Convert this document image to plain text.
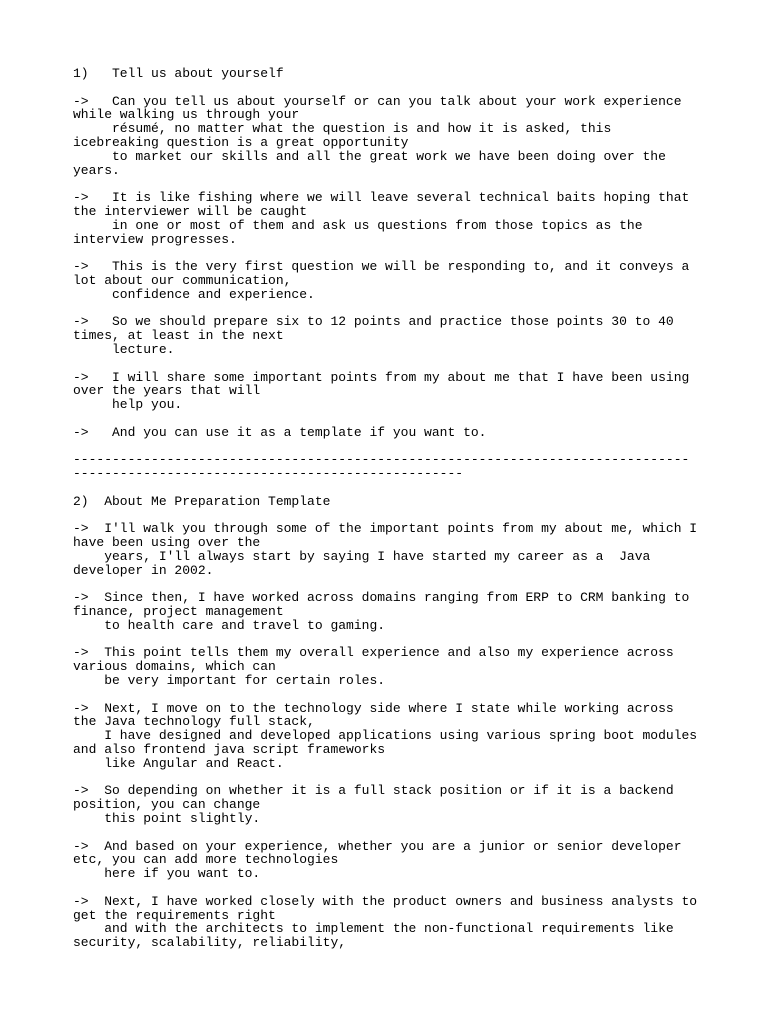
1)   Tell us about yourself
->   Can you tell us about yourself or can you talk about your work experience
while walking us through your
résumé, no matter what the question is and how it is asked, this
icebreaking question is a great opportunity
to market our skills and all the great work we have been doing over the
years.
->   It is like fishing where we will leave several technical baits hoping that
the interviewer will be caught
in one or most of them and ask us questions from those topics as the
interview progresses.
->   This is the very first question we will be responding to, and it conveys a
lot about our communication,
confidence and experience.
->   So we should prepare six to 12 points and practice those points 30 to 40
times, at least in the next
lecture.
->   I will share some important points from my about me that I have been using
over the years that will
help you.
->   And you can use it as a template if you want to.
-------------------------------------------------------------------------------
--------------------------------------------------
2)  About Me Preparation Template
->  I'll walk you through some of the important points from my about me, which I
have been using over the
years, I'll always start by saying I have started my career as a  Java
developer in 2002.
->  Since then, I have worked across domains ranging from ERP to CRM banking to
finance, project management
to health care and travel to gaming.
->  This point tells them my overall experience and also my experience across
various domains, which can
be very important for certain roles.
->  Next, I move on to the technology side where I state while working across
the Java technology full stack,
I have designed and developed applications using various spring boot modules
and also frontend java script frameworks
like Angular and React.
->  So depending on whether it is a full stack position or if it is a backend
position, you can change
this point slightly.
->  And based on your experience, whether you are a junior or senior developer
etc, you can add more technologies
here if you want to.
->  Next, I have worked closely with the product owners and business analysts to
get the requirements right
and with the architects to implement the non-functional requirements like
security, scalability, reliability,
